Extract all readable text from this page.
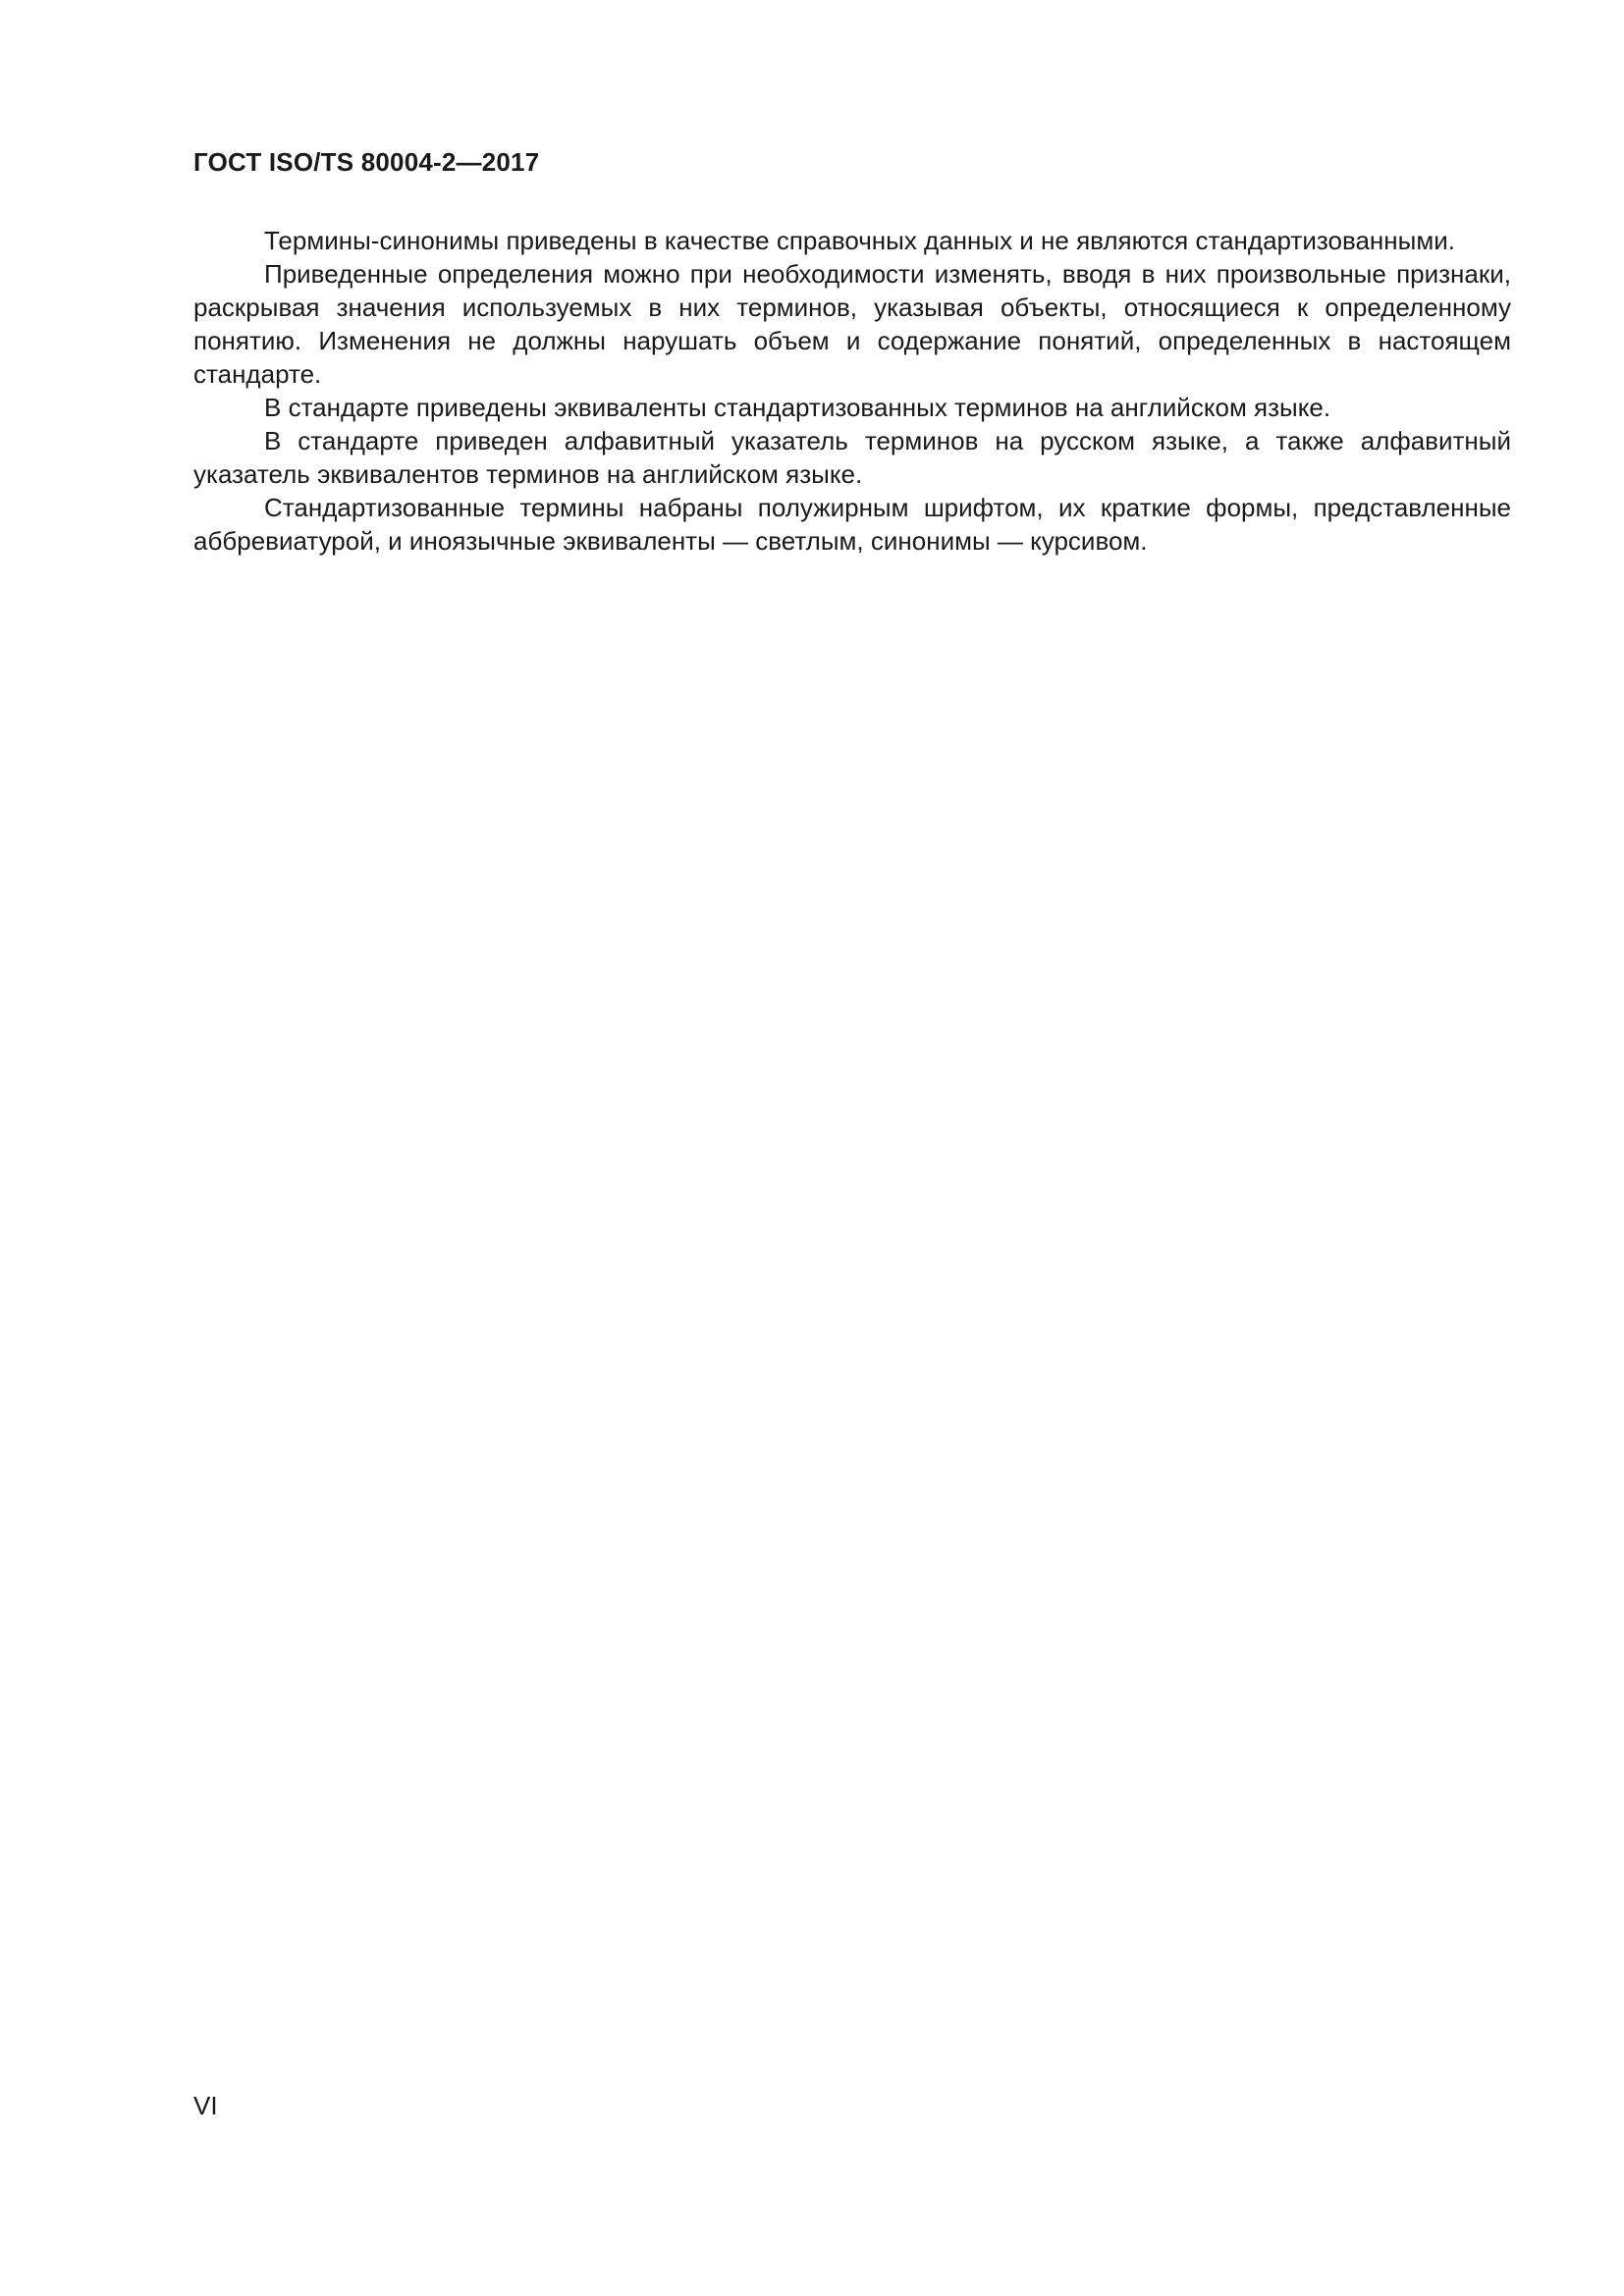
ГОСТ ISO/TS 80004-2—2017

Термины-синонимы приведены в качестве справочных данных и не являются стандартизованными.

Приведенные определения можно при необходимости изменять, вводя в них произвольные признаки, раскрывая значения используемых в них терминов, указывая объекты, относящиеся к определенному понятию. Изменения не должны нарушать объем и содержание понятий, определенных в настоящем стандарте.

В стандарте приведены эквиваленты стандартизованных терминов на английском языке.

В стандарте приведен алфавитный указатель терминов на русском языке, а также алфавитный указатель эквивалентов терминов на английском языке.

Стандартизованные термины набраны полужирным шрифтом, их краткие формы, представленные аббревиатурой, и иноязычные эквиваленты — светлым, синонимы — курсивом.

VI
